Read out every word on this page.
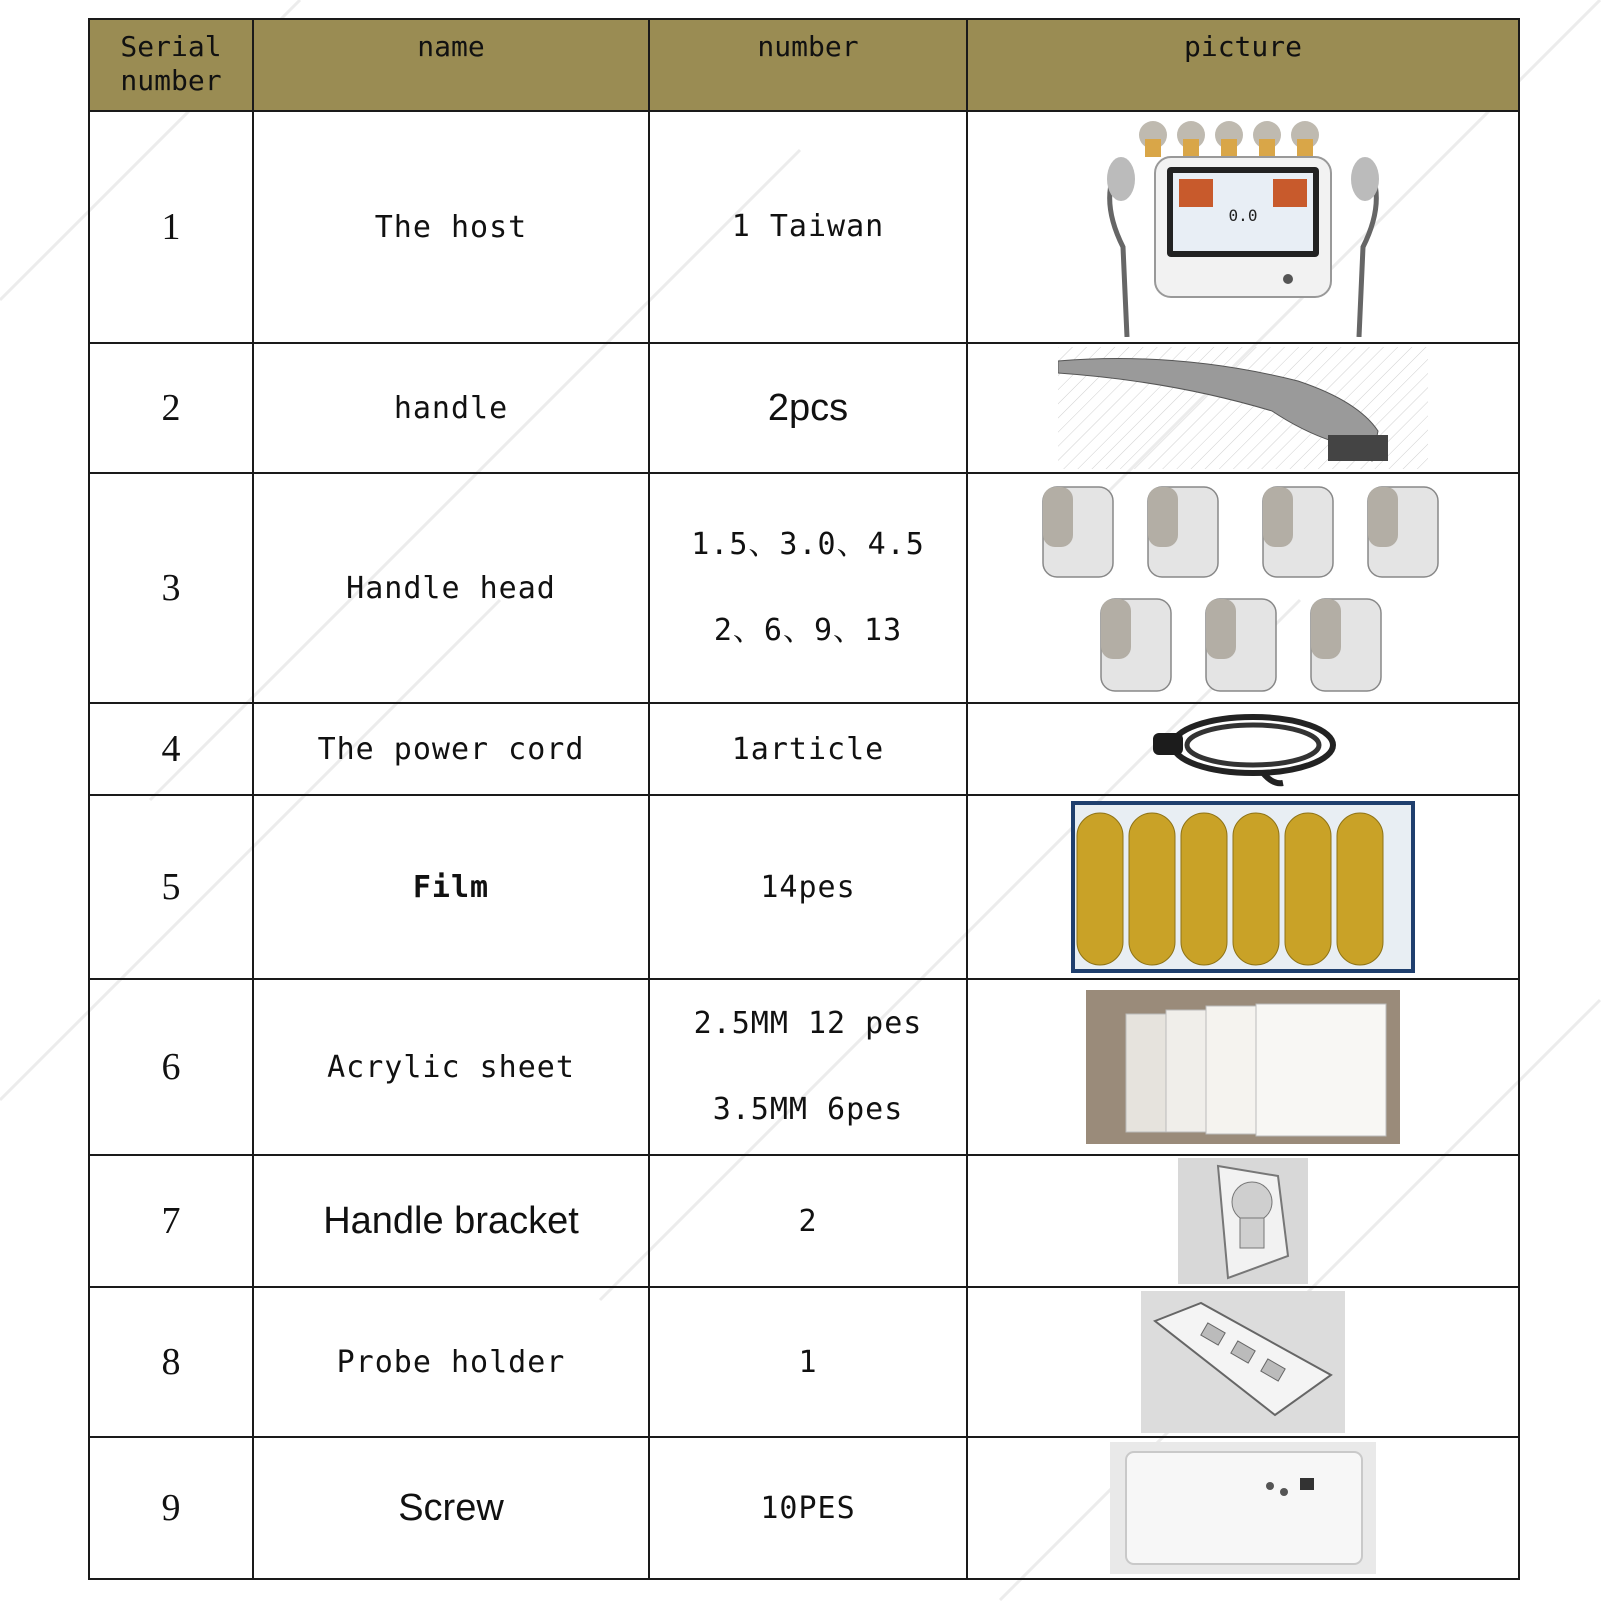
Serial
number	name	number	picture
1	The host	1 Taiwan	0.0

2	handle	2pcs	

3	Handle head	1.5、3.0、4.5
2、6、9、13

4	The power cord	1article	

5	Film	14pes	

6	Acrylic sheet	2.5MM 12 pes
3.5MM 6pes

7	Handle bracket	2	

8	Probe holder	1	

9	Screw	10PES	
